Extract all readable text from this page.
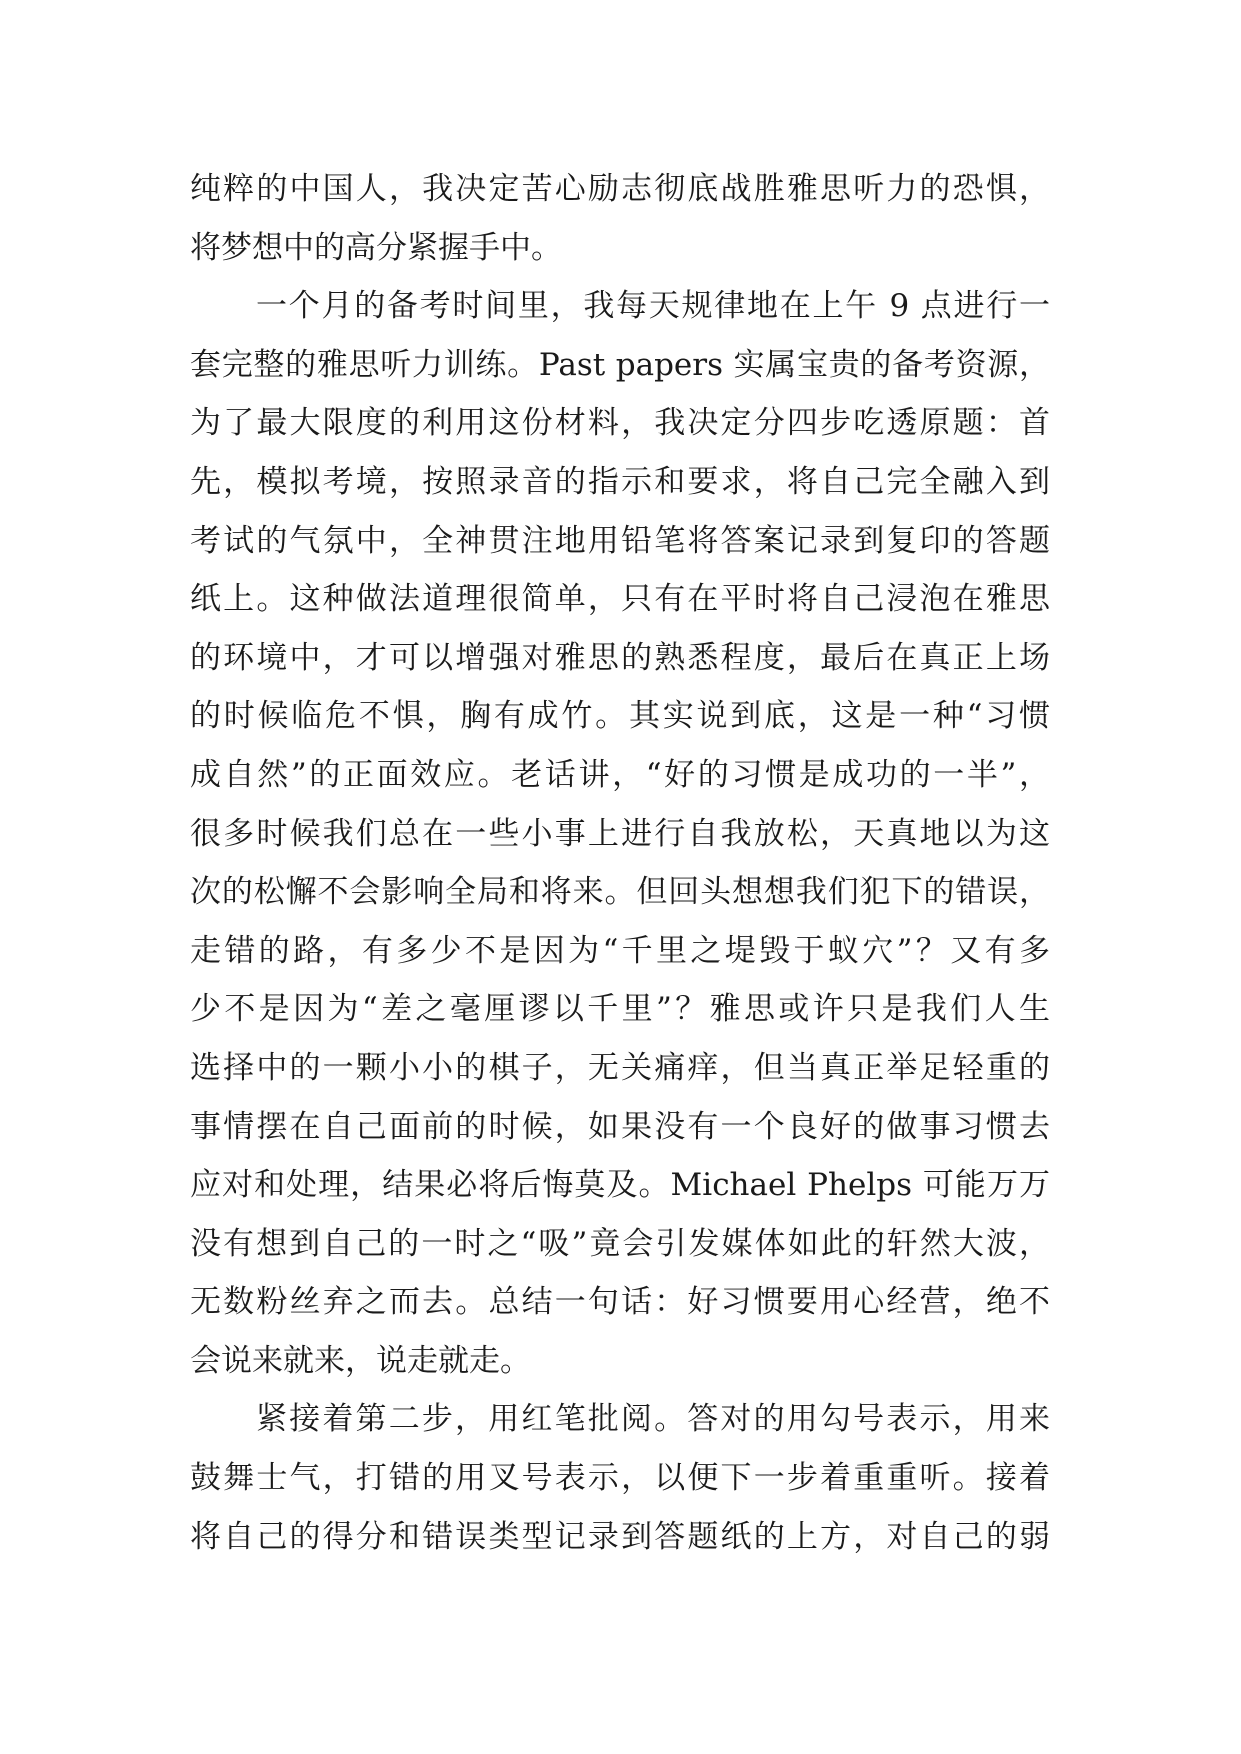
纯粹的中国人，我决定苦心励志彻底战胜雅思听力的恐惧，
将梦想中的高分紧握手中。
一个月的备考时间里，我每天规律地在上午 9 点进行一
套完整的雅思听力训练。Past papers 实属宝贵的备考资源，
为了最大限度的利用这份材料，我决定分四步吃透原题：首
先，模拟考境，按照录音的指示和要求，将自己完全融入到
考试的气氛中，全神贯注地用铅笔将答案记录到复印的答题
纸上。这种做法道理很简单，只有在平时将自己浸泡在雅思
的环境中，才可以增强对雅思的熟悉程度，最后在真正上场
的时候临危不惧，胸有成竹。其实说到底，这是一种“习惯
成自然”的正面效应。老话讲，“好的习惯是成功的一半”，
很多时候我们总在一些小事上进行自我放松，天真地以为这
次的松懈不会影响全局和将来。但回头想想我们犯下的错误，
走错的路，有多少不是因为“千里之堤毁于蚁穴”？又有多
少不是因为“差之毫厘谬以千里”？雅思或许只是我们人生
选择中的一颗小小的棋子，无关痛痒，但当真正举足轻重的
事情摆在自己面前的时候，如果没有一个良好的做事习惯去
应对和处理，结果必将后悔莫及。Michael Phelps 可能万万
没有想到自己的一时之“吸”竟会引发媒体如此的轩然大波，
无数粉丝弃之而去。总结一句话：好习惯要用心经营，绝不
会说来就来，说走就走。
紧接着第二步，用红笔批阅。答对的用勾号表示，用来
鼓舞士气，打错的用叉号表示，以便下一步着重重听。接着
将自己的得分和错误类型记录到答题纸的上方，对自己的弱
